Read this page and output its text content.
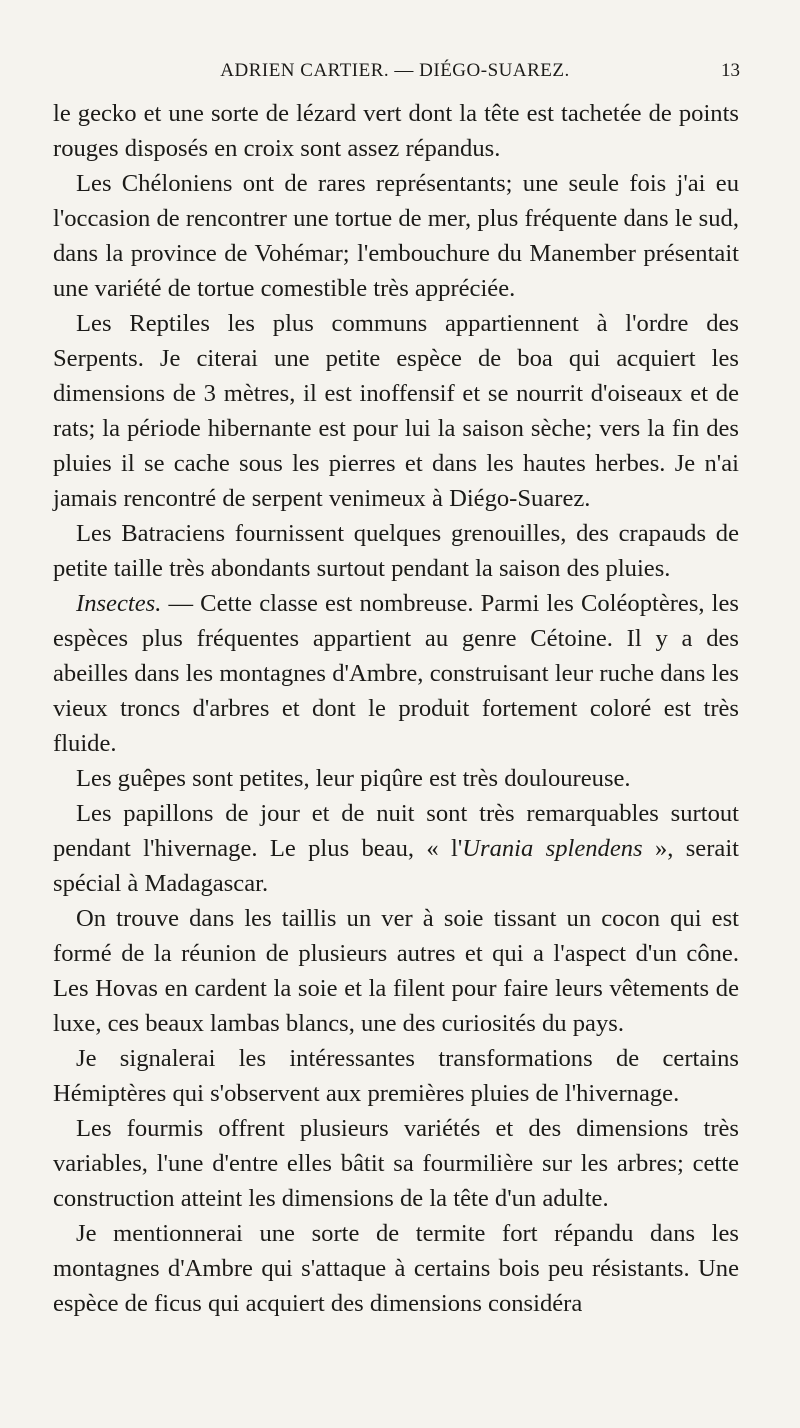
ADRIEN CARTIER. — DIÉGO-SUAREZ.	13

le gecko et une sorte de lézard vert dont la tête est tachetée de points rouges disposés en croix sont assez répandus.

Les Chéloniens ont de rares représentants; une seule fois j'ai eu l'occasion de rencontrer une tortue de mer, plus fréquente dans le sud, dans la province de Vohémar; l'embouchure du Manember présentait une variété de tortue comestible très appréciée.

Les Reptiles les plus communs appartiennent à l'ordre des Serpents. Je citerai une petite espèce de boa qui acquiert les dimensions de 3 mètres, il est inoffensif et se nourrit d'oiseaux et de rats; la période hibernante est pour lui la saison sèche; vers la fin des pluies il se cache sous les pierres et dans les hautes herbes. Je n'ai jamais rencontré de serpent venimeux à Diégo-Suarez.

Les Batraciens fournissent quelques grenouilles, des crapauds de petite taille très abondants surtout pendant la saison des pluies.

Insectes. — Cette classe est nombreuse. Parmi les Coléoptères, les espèces plus fréquentes appartient au genre Cétoine. Il y a des abeilles dans les montagnes d'Ambre, construisant leur ruche dans les vieux troncs d'arbres et dont le produit fortement coloré est très fluide.

Les guêpes sont petites, leur piqûre est très douloureuse.

Les papillons de jour et de nuit sont très remarquables surtout pendant l'hivernage. Le plus beau, « l'Urania splendens », serait spécial à Madagascar.

On trouve dans les taillis un ver à soie tissant un cocon qui est formé de la réunion de plusieurs autres et qui a l'aspect d'un cône. Les Hovas en cardent la soie et la filent pour faire leurs vêtements de luxe, ces beaux lambas blancs, une des curiosités du pays.

Je signalerai les intéressantes transformations de certains Hémiptères qui s'observent aux premières pluies de l'hivernage.

Les fourmis offrent plusieurs variétés et des dimensions très variables, l'une d'entre elles bâtit sa fourmilière sur les arbres; cette construction atteint les dimensions de la tête d'un adulte.

Je mentionnerai une sorte de termite fort répandu dans les montagnes d'Ambre qui s'attaque à certains bois peu résistants. Une espèce de ficus qui acquiert des dimensions considéra
